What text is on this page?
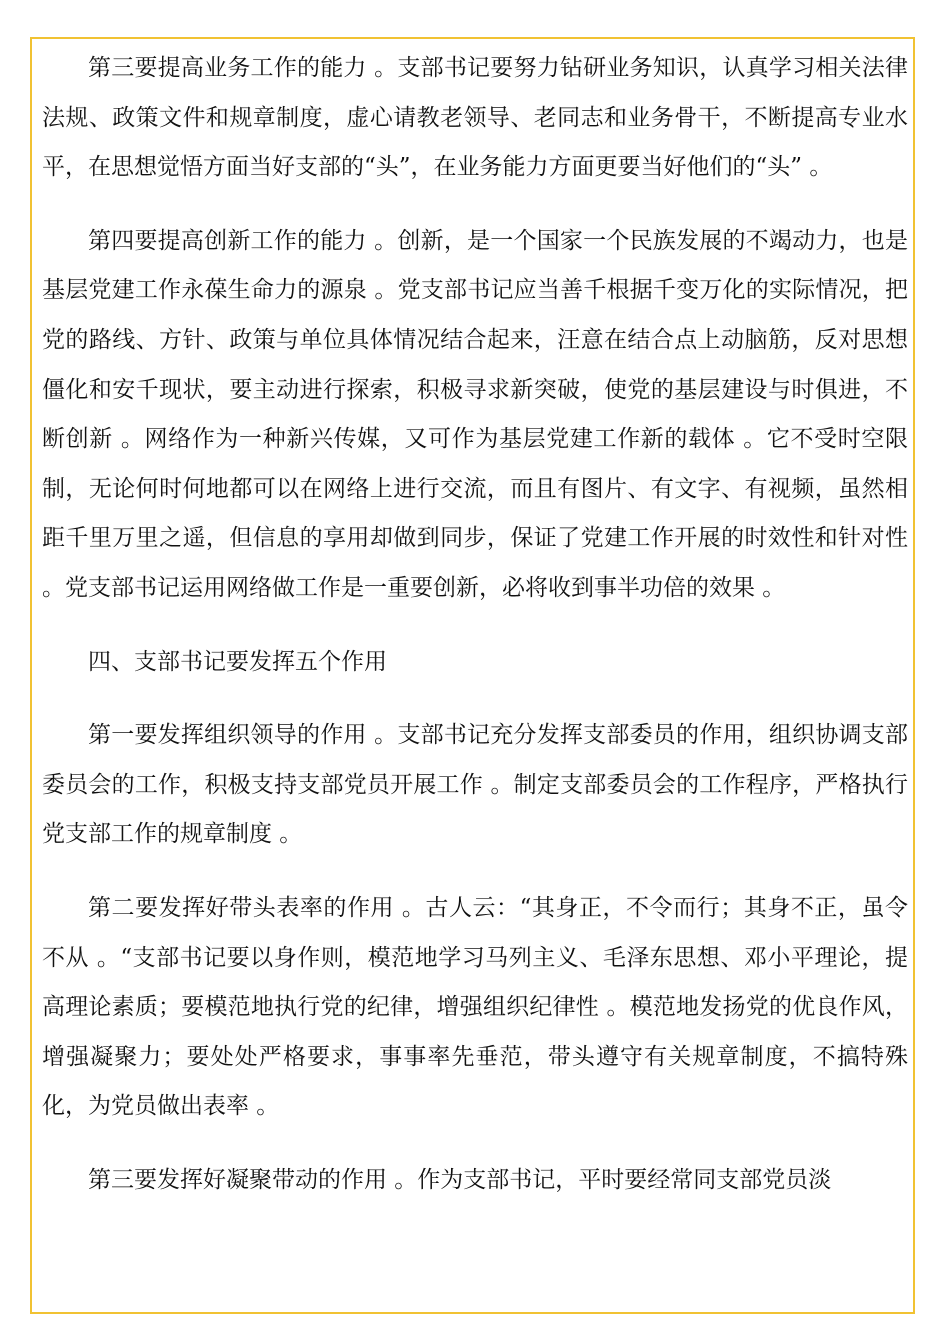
第三要提高业务工作的能力 。支部书记要努力钻研业务知识，认真学习相关法律法规、政策文件和规章制度，虚心请教老领导、老同志和业务骨干，不断提高专业水平，在思想觉悟方面当好支部的“头”，在业务能力方面更要当好他们的“头” 。

第四要提高创新工作的能力 。创新，是一个国家一个民族发展的不竭动力，也是基层党建工作永葆生命力的源泉 。党支部书记应当善千根据千变万化的实际情况，把党的路线、方针、政策与单位具体情况结合起来，汪意在结合点上动脑筋，反对思想僵化和安千现状，要主动进行探索，积极寻求新突破，使党的基层建设与时俱进，不断创新 。网络作为一种新兴传媒，又可作为基层党建工作新的载体 。它不受时空限制，无论何时何地都可以在网络上进行交流，而且有图片、有文字、有视频，虽然相距千里万里之遥，但信息的享用却做到同步，保证了党建工作开展的时效性和针对性 。党支部书记运用网络做工作是一重要创新，必将收到事半功倍的效果 。

四、支部书记要发挥五个作用

第一要发挥组织领导的作用 。支部书记充分发挥支部委员的作用，组织协调支部委员会的工作，积极支持支部党员开展工作 。制定支部委员会的工作程序，严格执行党支部工作的规章制度 。

第二要发挥好带头表率的作用 。古人云：“其身正，不令而行；其身不正，虽令不从 。“支部书记要以身作则，模范地学习马列主义、毛泽东思想、邓小平理论，提高理论素质；要模范地执行党的纪律，增强组织纪律性 。模范地发扬党的优良作风，增强凝聚力；要处处严格要求，事事率先垂范，带头遵守有关规章制度，不搞特殊化，为党员做出表率 。

第三要发挥好凝聚带动的作用 。作为支部书记，平时要经常同支部党员淡
